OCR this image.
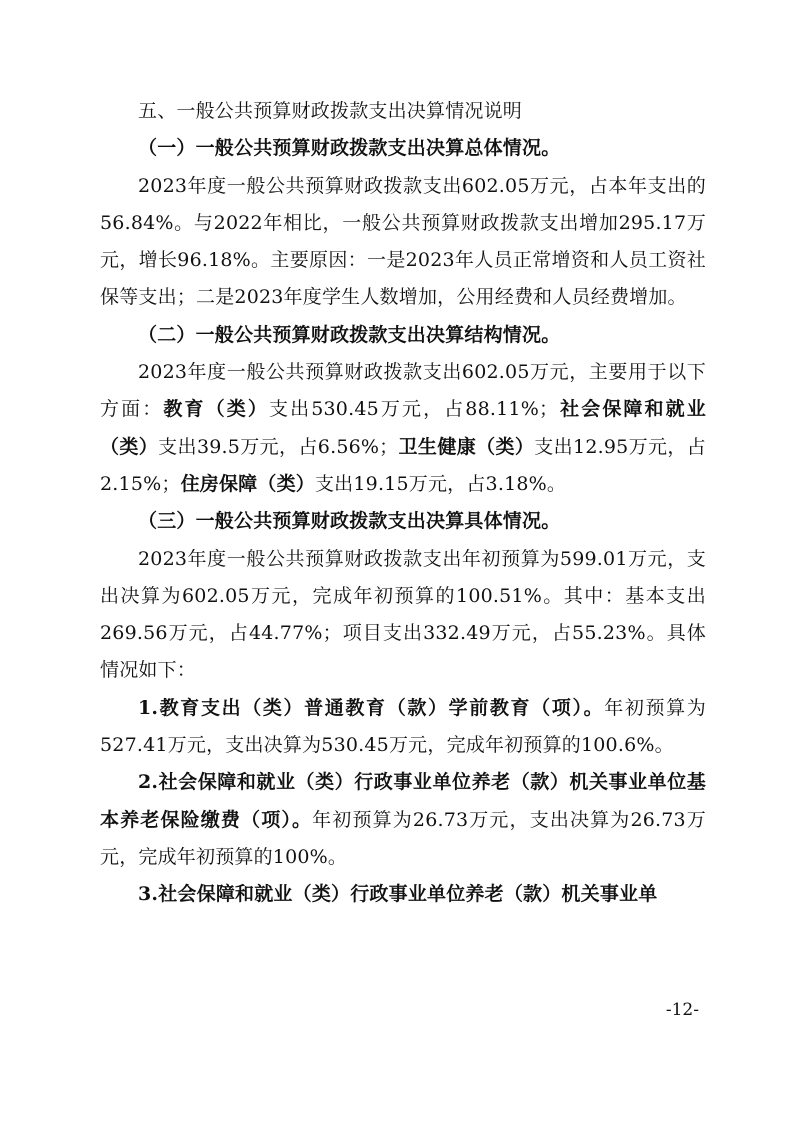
五、一般公共预算财政拨款支出决算情况说明

（一）一般公共预算财政拨款支出决算总体情况。

2023年度一般公共预算财政拨款支出602.05万元，占本年支出的56.84%。与2022年相比，一般公共预算财政拨款支出增加295.17万元，增长96.18%。主要原因：一是2023年人员正常增资和人员工资社保等支出；二是2023年度学生人数增加，公用经费和人员经费增加。

（二）一般公共预算财政拨款支出决算结构情况。

2023年度一般公共预算财政拨款支出602.05万元，主要用于以下方面：教育（类）支出530.45万元，占88.11%；社会保障和就业（类）支出39.5万元，占6.56%；卫生健康（类）支出12.95万元，占2.15%；住房保障（类）支出19.15万元，占3.18%。

（三）一般公共预算财政拨款支出决算具体情况。

2023年度一般公共预算财政拨款支出年初预算为599.01万元，支出决算为602.05万元，完成年初预算的100.51%。其中：基本支出269.56万元，占44.77%；项目支出332.49万元，占55.23%。具体情况如下：

1.教育支出（类）普通教育（款）学前教育（项）。年初预算为527.41万元，支出决算为530.45万元，完成年初预算的100.6%。

2.社会保障和就业（类）行政事业单位养老（款）机关事业单位基本养老保险缴费（项）。年初预算为26.73万元，支出决算为26.73万元，完成年初预算的100%。

3.社会保障和就业（类）行政事业单位养老（款）机关事业单

-12-
